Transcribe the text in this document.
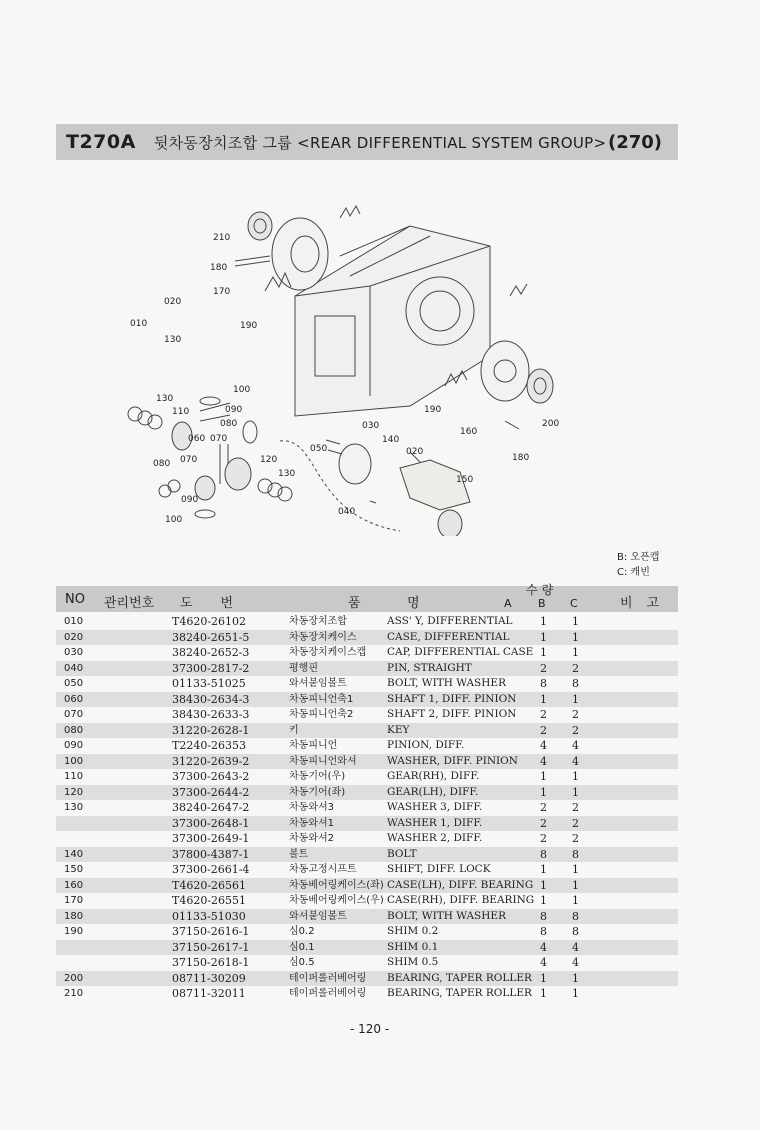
T270A 뒷차동장치조합 그룹 <REAR DIFFERENTIAL SYSTEM GROUP> (270)
210
180
170
020
010
130
190
100
130
110	090
080
060 070
080 070	120
130
090
100
030
140
050	020
040
150
190
160
200
180
B: 오픈캡
C: 캐빈
NO 관리번호 도번	품	명
수량
A B C	비고
010	T4620-26102	차동장치조합	ASS' Y, DIFFERENTIAL 1 1
020	38240-2651-5	차동장치케이스	CASE, DIFFERENTIAL	1 1
030	38240-2652-3	차동장치케이스캡 CAP, DIFFERENTIAL CASE 1 1
040	37300-2817-2	평행핀	PIN, STRAIGHT	2 2
050	01133-51025	와셔붙임볼트	BOLT, WITH WASHER	8 8
060	38430-2634-3	차동피니언축1	SHAFT 1, DIFF. PINION 1 1
070	38430-2633-3	차동피니언축2	SHAFT 2, DIFF. PINION 2 2
080	31220-2628-1	키	KEY	2 2
090	T2240-26353	차동피니언	PINION, DIFF.	4 4
100	31220-2639-2	차동피니언와셔	WASHER, DIFF. PINION 4 4
110	37300-2643-2	차동기어(우)	GEAR(RH), DIFF.	1 1
120	37300-2644-2	차동기어(좌)	GEAR(LH), DIFF.	1 1
130	38240-2647-2	차동와셔3	WASHER 3, DIFF.	2 2
37300-2648-1	차동와셔1	WASHER 1, DIFF.	2 2
37300-2649-1	차동와셔2	WASHER 2, DIFF.	2 2
140	37800-4387-1	볼트	BOLT	8 8
150	37300-2661-4	차동고정시프트	SHIFT, DIFF. LOCK	1 1
160	T4620-26561	차동베어링케이스(좌) CASE(LH), DIFF. BEARING 1 1
170	T4620-26551	차동베어링케이스(우) CASE(RH), DIFF. BEARING 1 1
180	01133-51030	와셔붙임볼트	BOLT, WITH WASHER	8 8
190	37150-2616-1	심0.2	SHIM 0.2	8 8
37150-2617-1	심0.1	SHIM 0.1	4 4
37150-2618-1	심0.5	SHIM 0.5	4 4
200	08711-30209	테이퍼롤러베어링 BEARING, TAPER ROLLER 1 1
210	08711-32011	테이퍼롤러베어링 BEARING, TAPER ROLLER 1 1
- 120 -
